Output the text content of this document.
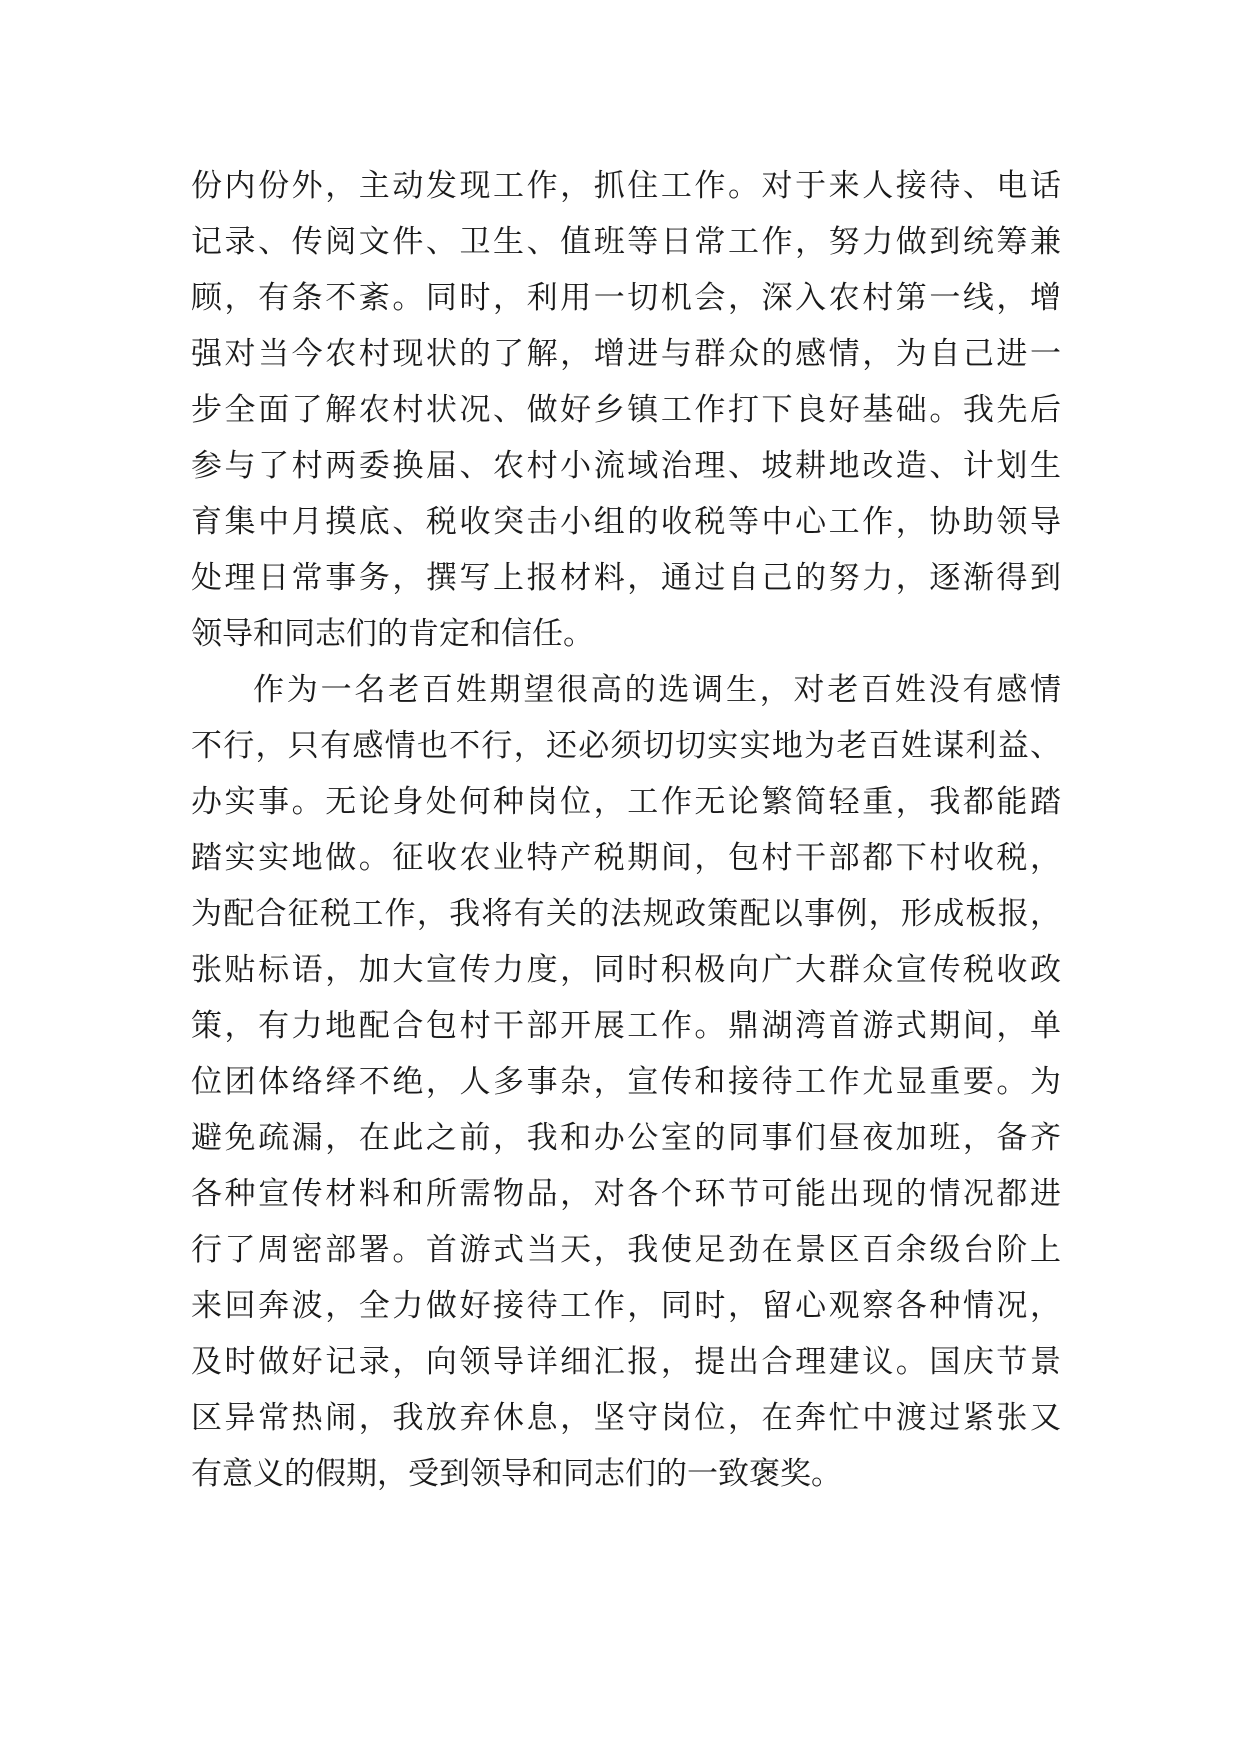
份内份外，主动发现工作，抓住工作。对于来人接待、电话
记录、传阅文件、卫生、值班等日常工作，努力做到统筹兼
顾，有条不紊。同时，利用一切机会，深入农村第一线，增
强对当今农村现状的了解，增进与群众的感情，为自己进一
步全面了解农村状况、做好乡镇工作打下良好基础。我先后
参与了村两委换届、农村小流域治理、坡耕地改造、计划生
育集中月摸底、税收突击小组的收税等中心工作，协助领导
处理日常事务，撰写上报材料，通过自己的努力，逐渐得到
领导和同志们的肯定和信任。
作为一名老百姓期望很高的选调生，对老百姓没有感情
不行，只有感情也不行，还必须切切实实地为老百姓谋利益、
办实事。无论身处何种岗位，工作无论繁简轻重，我都能踏
踏实实地做。征收农业特产税期间，包村干部都下村收税，
为配合征税工作，我将有关的法规政策配以事例，形成板报，
张贴标语，加大宣传力度，同时积极向广大群众宣传税收政
策，有力地配合包村干部开展工作。鼎湖湾首游式期间，单
位团体络绎不绝，人多事杂，宣传和接待工作尤显重要。为
避免疏漏，在此之前，我和办公室的同事们昼夜加班，备齐
各种宣传材料和所需物品，对各个环节可能出现的情况都进
行了周密部署。首游式当天，我使足劲在景区百余级台阶上
来回奔波，全力做好接待工作，同时，留心观察各种情况，
及时做好记录，向领导详细汇报，提出合理建议。国庆节景
区异常热闹，我放弃休息，坚守岗位，在奔忙中渡过紧张又
有意义的假期，受到领导和同志们的一致褒奖。
